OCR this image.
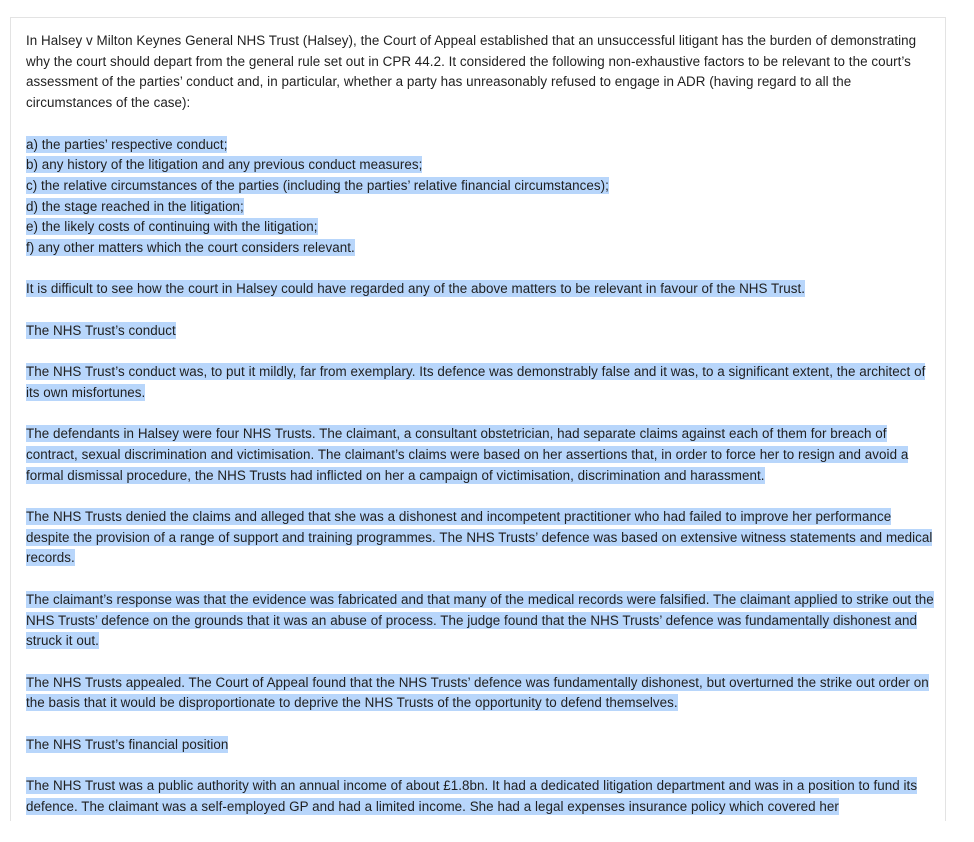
In Halsey v Milton Keynes General NHS Trust (Halsey), the Court of Appeal established that an unsuccessful litigant has the burden of demonstrating why the court should depart from the general rule set out in CPR 44.2. It considered the following non-exhaustive factors to be relevant to the court’s assessment of the parties’ conduct and, in particular, whether a party has unreasonably refused to engage in ADR (having regard to all the circumstances of the case):

a) the parties’ respective conduct;
b) any history of the litigation and any previous conduct measures;
c) the relative circumstances of the parties (including the parties’ relative financial circumstances);
d) the stage reached in the litigation;
e) the likely costs of continuing with the litigation;
f) any other matters which the court considers relevant.

It is difficult to see how the court in Halsey could have regarded any of the above matters to be relevant in favour of the NHS Trust.

The NHS Trust’s conduct

The NHS Trust’s conduct was, to put it mildly, far from exemplary. Its defence was demonstrably false and it was, to a significant extent, the architect of its own misfortunes.

The defendants in Halsey were four NHS Trusts. The claimant, a consultant obstetrician, had separate claims against each of them for breach of contract, sexual discrimination and victimisation. The claimant’s claims were based on her assertions that, in order to force her to resign and avoid a formal dismissal procedure, the NHS Trusts had inflicted on her a campaign of victimisation, discrimination and harassment.

The NHS Trusts denied the claims and alleged that she was a dishonest and incompetent practitioner who had failed to improve her performance despite the provision of a range of support and training programmes. The NHS Trusts’ defence was based on extensive witness statements and medical records.

The claimant’s response was that the evidence was fabricated and that many of the medical records were falsified. The claimant applied to strike out the NHS Trusts’ defence on the grounds that it was an abuse of process. The judge found that the NHS Trusts’ defence was fundamentally dishonest and struck it out.

The NHS Trusts appealed. The Court of Appeal found that the NHS Trusts’ defence was fundamentally dishonest, but overturned the strike out order on the basis that it would be disproportionate to deprive the NHS Trusts of the opportunity to defend themselves.

The NHS Trust’s financial position

The NHS Trust was a public authority with an annual income of about £1.8bn. It had a dedicated litigation department and was in a position to fund its defence. The claimant was a self-employed GP and had a limited income. She had a legal expenses insurance policy which covered her
